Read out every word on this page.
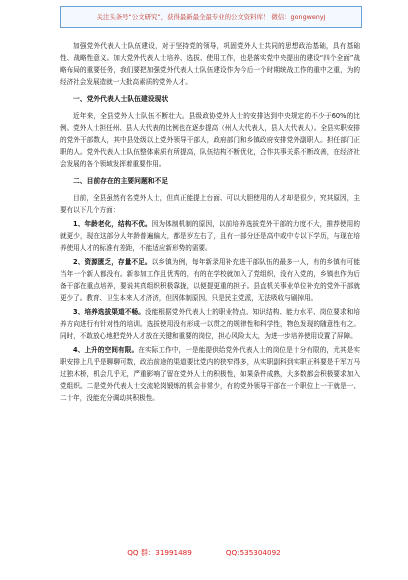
关注头条号“公文研究”，获得最新最全最专业的公文资料库！ 微信：gongwenyj

加强党外代表人士队伍建设，对于坚持党的领导，巩固党外人士共同的思想政治基础，具有基础性、战略性意义。加大党外代表人士培养、选拔、使用工作，也是落实党中央提出的建设“四个全面”战略布局的重要任务，我们要把加强党外代表人士队伍建设作为今后一个时期统战工作的重中之重，为的经济社会发展造就一大批高素质的党外人才。

一、党外代表人士队伍建设现状

近年来，全县党外人士队伍不断壮大。县级政协党外人士的安排达到中央规定的不少于60%的比例。党外人士担任州、县人大代表的比例也在逐步提高（州人大代表人，县人大代表人）。全县实职安排的党外干部数人，其中县处级以上党外领导干部人，政府部门和乡镇政府安排党外副职人。担任部门正职的人。党外代表人士队伍整体素质有所提高，队伍结构不断优化，合作共事关系不断改善，在经济社会发展的各个领域发挥着重要作用。

二、目前存在的主要问题和不足

目前，全县虽然有名党外人士，但真正能提上台面、可以大胆使用的人才却是很少，究其原因，主要有以下几个方面：

1、年龄老化，结构不优。因为体制机制的原因，以前培养选拔党外干部的力度不大，推荐使用的就更少，现在这部分人年龄普遍偏大，都是岁左右了，且有一部分还是高中或中专以下学历，与现在培养使用人才的标准有差距，不能适应新形势的需要。

2、资源匮乏，存量不足。以乡镇为例，每年新录用补充进干部队伍的最多一人，有的乡镇有可能当年一个新人都没有。新参加工作且优秀的，有的在学校就加入了党组织，没有入党的，乡镇也作为后备干部在重点培养，要说其真组织积极靠拢，以便提更重的担子。县直机关事业单位补充的党外干部就更少了。教育、卫生本来人才济济，但因体制原因，只是民主党派，无法吸收与刷掉用。

3、培养选拔渠道不畅。没能根据党外代表人士的职业特点、知识结构、能力水平、岗位要求和培养方向进行有针对性的培训。选拔使用没有形成一以贯之的规律性和科学性，物色发现的随意性有之。同时，不敢放心地把党外人才放在关键和重要的岗位，担心风险太大，为进一步培养使用设置了屏障。

4、上升的空间有限。在实际工作中，一是能提供给党外代表人士的岗位是十分有限的，尤其是实职安排上几乎是聊聊可数，政治前途的渠道要比党内的狭窄得多，从实职副科到实职正科要是千军万马过独木桥，机会几乎无，严重影响了留在党外人士的积极性，如果条件成熟，大多数都会积极要求加入党组织。二是党外代表人士交流轮岗锻炼的机会非常少，有的党外领导干部在一个职位上一干就是一、二十年，没能充分调动其积极性。

QQ 群：31991489	QQ:535304092
